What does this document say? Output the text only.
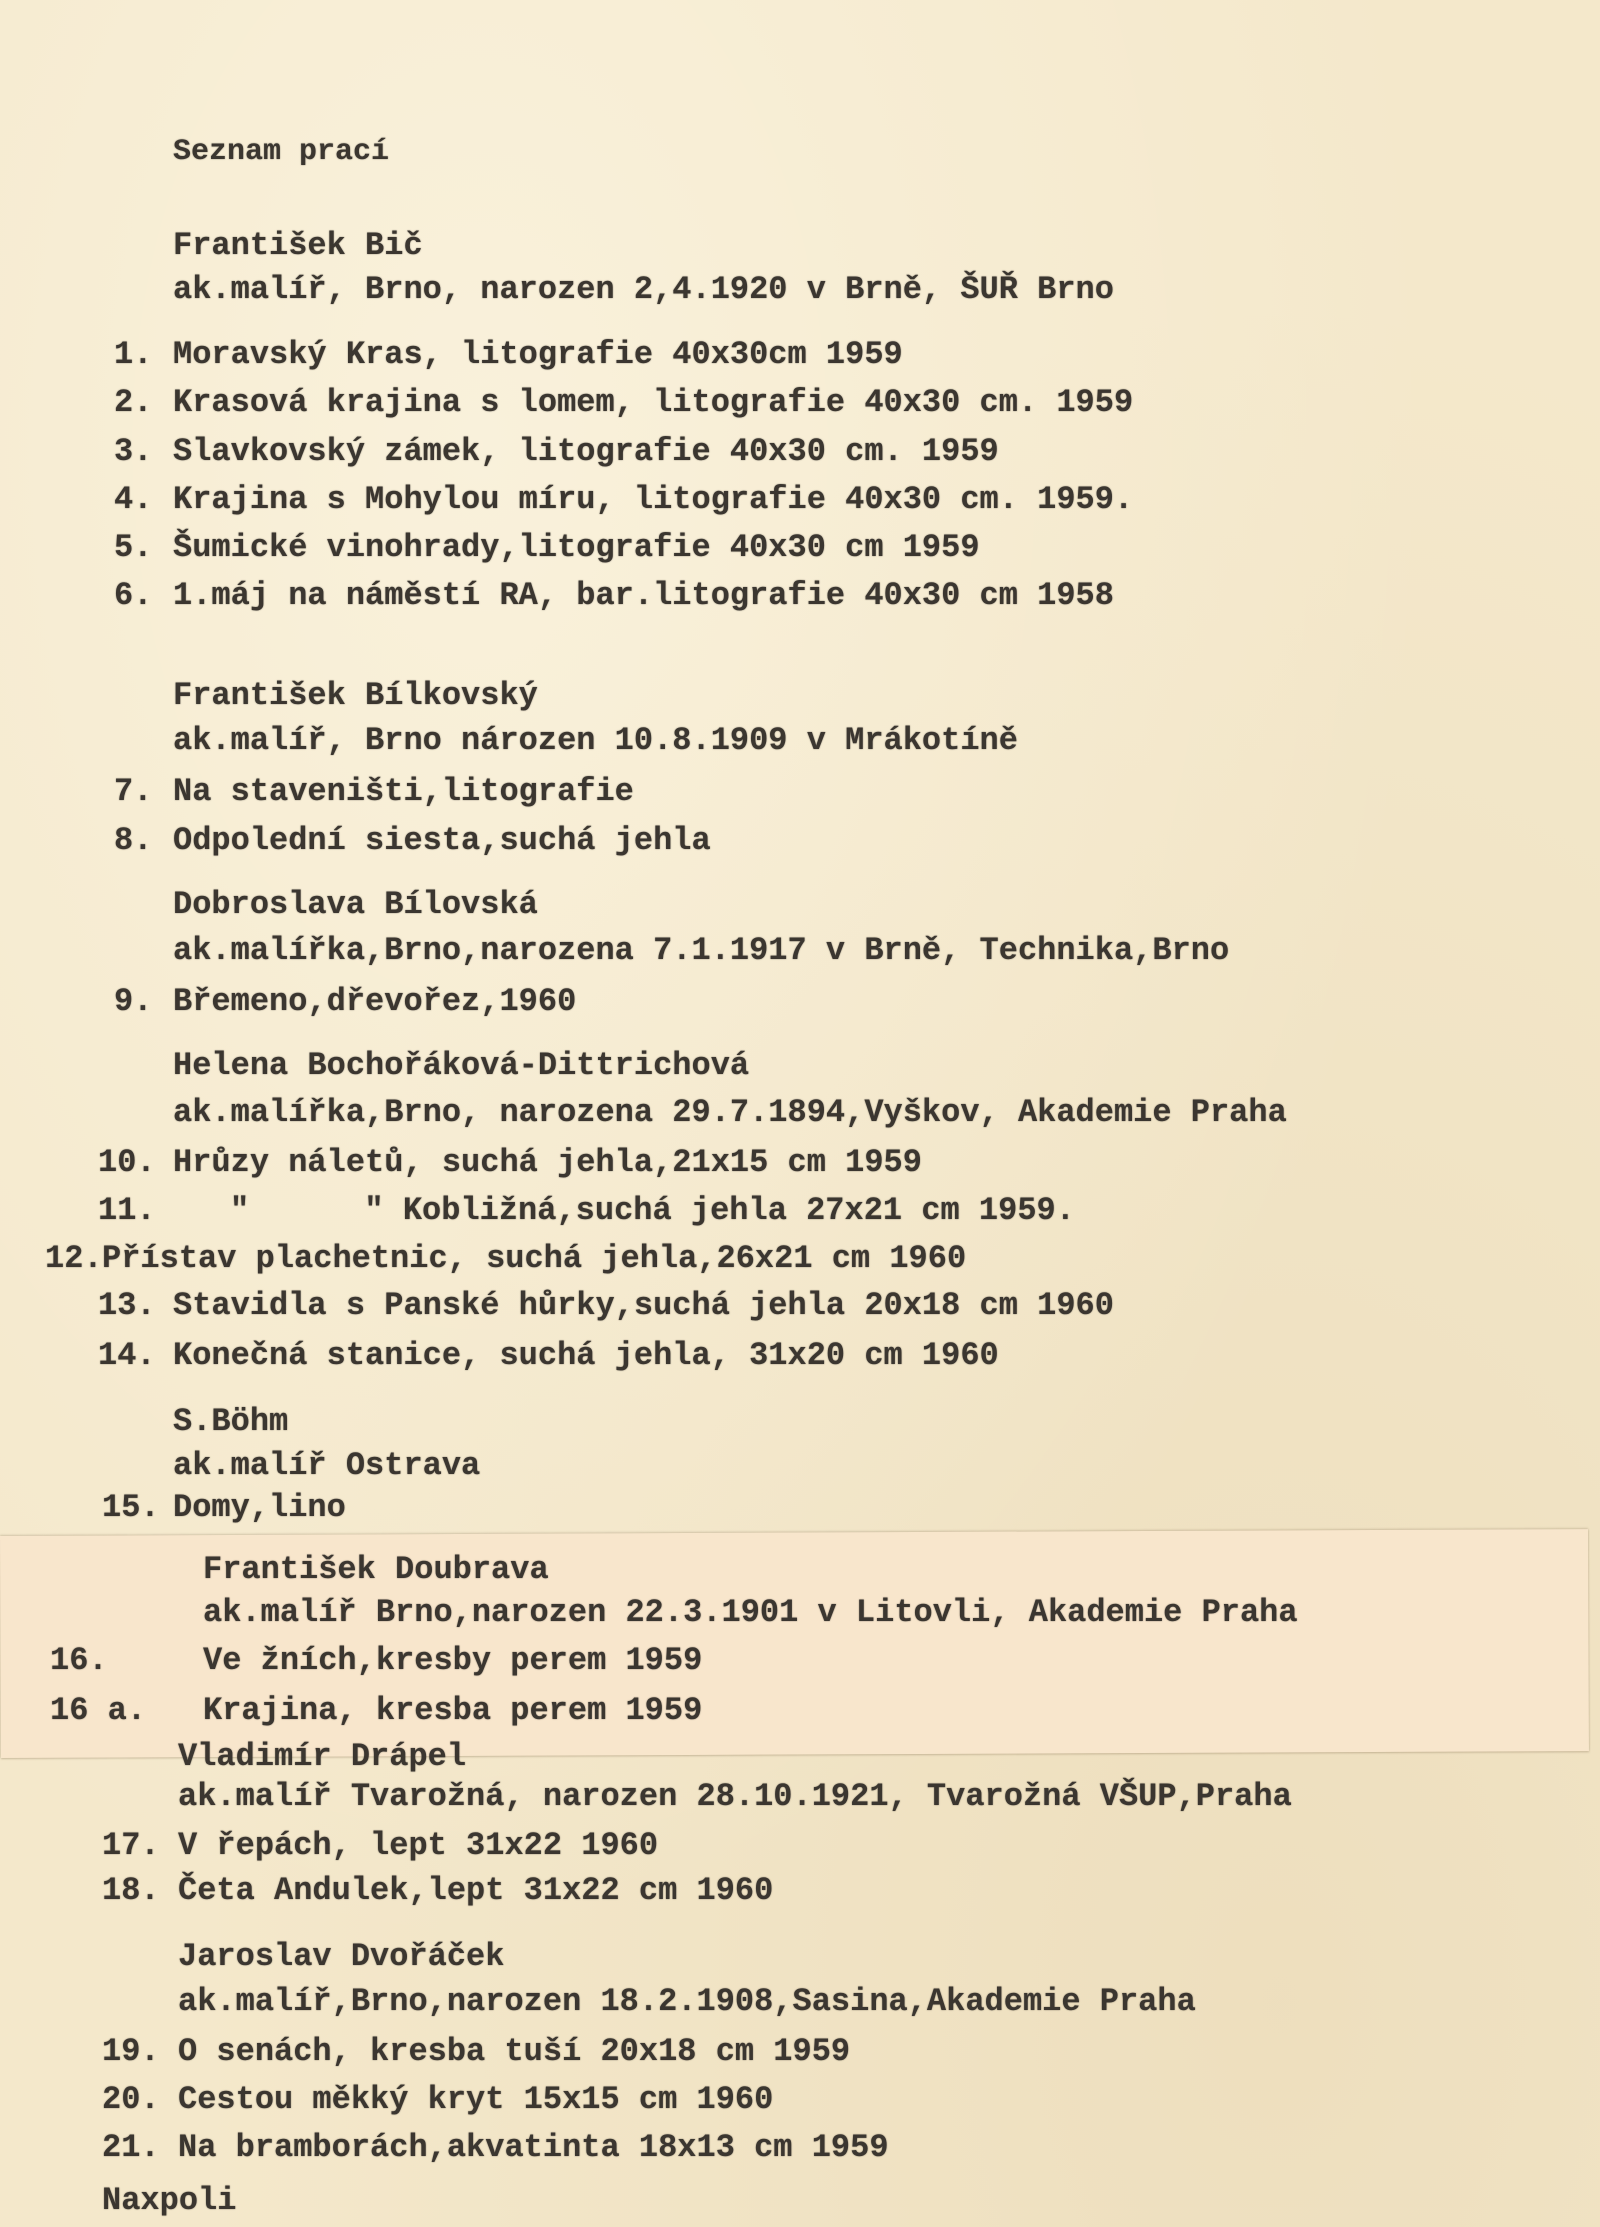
Seznam prací
František Bič
ak.malíř, Brno, narozen 2,4.1920 v Brně, ŠUŘ Brno
1. Moravský Kras, litografie 40x30cm 1959
2. Krasová krajina s lomem, litografie 40x30 cm. 1959
3. Slavkovský zámek, litografie 40x30 cm. 1959
4. Krajina s Mohylou míru, litografie 40x30 cm. 1959.
5. Šumické vinohrady,litografie 40x30 cm 1959
6. 1.máj na náměstí RA, bar.litografie 40x30 cm 1958
František Bílkovský
ak.malíř, Brno nározen 10.8.1909 v Mrákotíně
7. Na staveništi,litografie
8. Odpolední siesta,suchá jehla
Dobroslava Bílovská
ak.malířka,Brno,narozena 7.1.1917 v Brně, Technika,Brno
9. Břemeno,dřevořez,1960
Helena Bochořáková-Dittrichová
ak.malířka,Brno, narozena 29.7.1894,Vyškov, Akademie Praha
10. Hrůzy náletů, suchá jehla,21x15 cm 1959
11. "      " Kobližná,suchá jehla 27x21 cm 1959.
12. Přístav plachetnic, suchá jehla,26x21 cm 1960
13. Stavidla s Panské hůrky,suchá jehla 20x18 cm 1960
14. Konečná stanice, suchá jehla, 31x20 cm 1960
S.Böhm
ak.malíř Ostrava
15. Domy,lino
František Doubrava
ak.malíř Brno,narozen 22.3.1901 v Litovli, Akademie Praha
16.	Ve žních,kresby perem 1959
16 a. Krajina, kresba perem 1959
Vladimír Drápel
ak.malíř Tvarožná, narozen 28.10.1921, Tvarožná VŠUP,Praha
17. V řepách, lept 31x22 1960
18. Četa Andulek,lept 31x22 cm 1960
Jaroslav Dvořáček
ak.malíř,Brno,narozen 18.2.1908,Sasina,Akademie Praha
19. O senách, kresba tuší 20x18 cm 1959
20. Cestou měkký kryt 15x15 cm 1960
21. Na bramborách,akvatinta 18x13 cm 1959
Naxpoli
